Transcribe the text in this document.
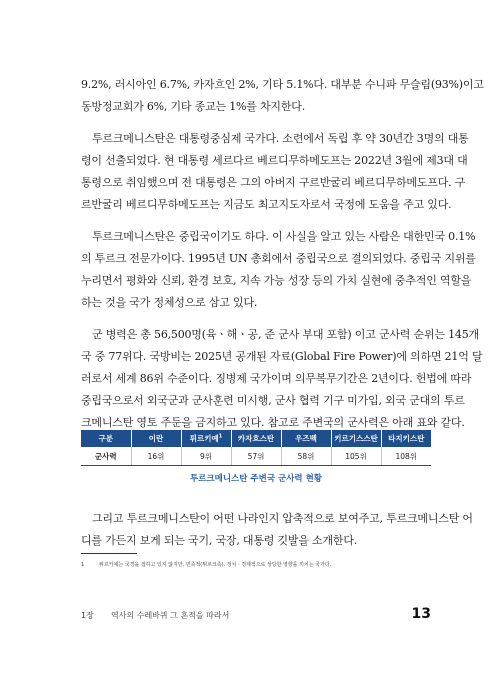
9.2%, 러시아인 6.7%, 카자흐인 2%, 기타 5.1%다. 대부분 수니파 무슬림(93%)이고
동방정교회가 6%, 기타 종교는 1%를 차지한다.

투르크메니스탄은 대통령중심제 국가다. 소련에서 독립 후 약 30년간 3명의 대통
령이 선출되었다. 현 대통령 세르다르 베르디무하메도프는 2022년 3월에 제3대 대
통령으로 취임했으며 전 대통령은 그의 아버지 구르반굴리 베르디무하메도프다. 구
르반굴리 베르디무하메도프는 지금도 최고지도자로서 국정에 도움을 주고 있다.

투르크메니스탄은 중립국이기도 하다. 이 사실을 알고 있는 사람은 대한민국 0.1%
의 투르크 전문가이다. 1995년 UN 총회에서 중립국으로 결의되었다. 중립국 지위를
누리면서 평화와 신뢰, 환경 보호, 지속 가능 성장 등의 가치 실현에 중추적인 역할을
하는 것을 국가 정체성으로 삼고 있다.

군 병력은 총 56,500명(육ㆍ해ㆍ공, 준 군사 부대 포함) 이고 군사력 순위는 145개
국 중 77위다. 국방비는 2025년 공개된 자료(Global Fire Power)에 의하면 21억 달
러로서 세계 86위 수준이다. 징병제 국가이며 의무복무기간은 2년이다. 헌법에 따라
중립국으로서 외국군과 군사훈련 미시행, 군사 협력 기구 미가입, 외국 군대의 투르
크메니스탄 영토 주둔을 금지하고 있다. 참고로 주변국의 군사력은 아래 표와 같다.

구분	이란	튀르키예$^1$	카자흐스탄	우즈벡	키르기스스탄	타지키스탄
군사력	16위	9위	57위	58위	105위	108위
투르크메니스탄 주변국 군사력 현황

그리고 투르크메니스탄이 어떤 나라인지 압축적으로 보여주고, 투르크메니스탄 어
디를 가든지 보게 되는 국기, 국장, 대통령 깃발을 소개한다.

1	튀르키예는 국경을 접하고 있지 않지만, 민족적(튀르크족), 정치ㆍ경제적으로 상당한 영향을 끼치는 국가다.
1장 역사의 수레바퀴 그 흔적을 따라서	13
